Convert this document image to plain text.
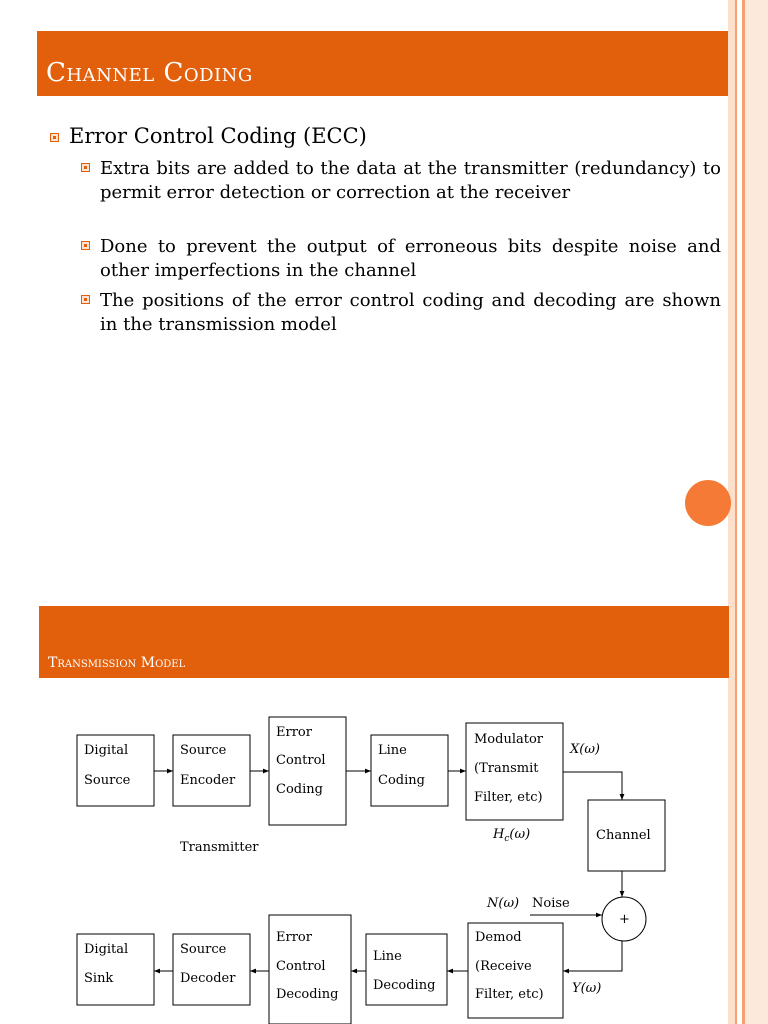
Channel Coding
Error Control Coding (ECC)
Extra bits are added to the data at the transmitter (redundancy) to permit error detection or correction at the receiver
Done to prevent the output of erroneous bits despite noise and other imperfections in the channel
The positions of the error control coding and decoding are shown in the transmission model
Transmission Model
Digital
Source
Source
Encoder
Error
Control
Coding
Line
Coding
Modulator
(Transmit
Filter, etc)
Transmitter
Channel
+
X(ω)
$H_c(\omega)$
N(ω) Noise
Y(ω)
Demod
(Receive
Filter, etc)
Line
Decoding
Error
Control
Decoding
Source
Decoder
Digital
Sink
